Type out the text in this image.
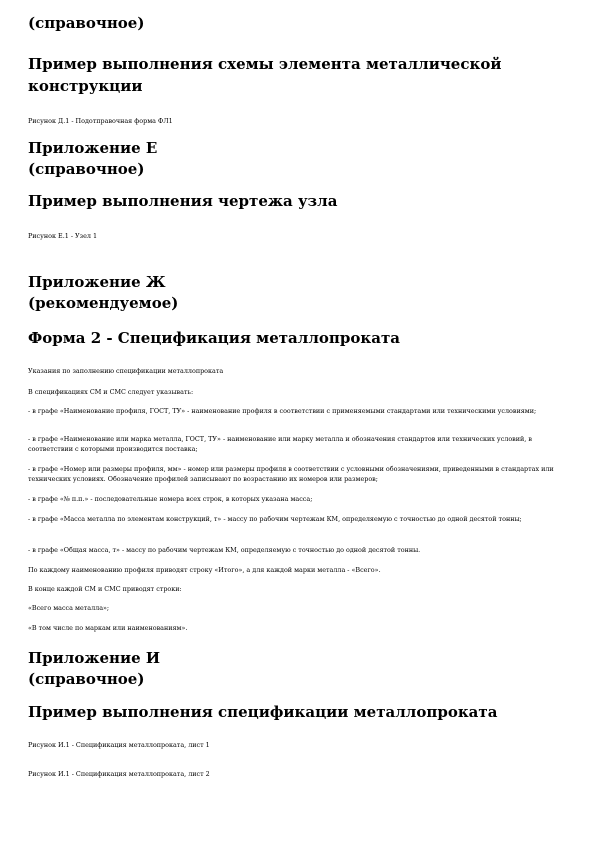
(справочное)
Пример выполнения схемы элемента металлической
конструкции
Рисунок Д.1 - Подотправочная форма ФЛ1
Приложение Е
(справочное)
Пример выполнения чертежа узла
Рисунок Е.1 - Узел 1
Приложение Ж
(рекомендуемое)
Форма 2 - Спецификация металлопроката
Указания по заполнению спецификации металлопроката
В спецификациях СМ и СМС следует указывать:
- в графе «Наименование профиля, ГОСТ, ТУ» - наименование профиля в соответствии с применяемыми стандартами или техническими условиями;
- в графе «Наименование или марка металла, ГОСТ, ТУ» - наименование или марку металла и обозначения стандартов или технических условий, в соответствии с которыми производится поставка;
- в графе «Номер или размеры профиля, мм» - номер или размеры профиля в соответствии с условными обозначениями, приведенными в стандартах или технических условиях. Обозначение профилей записывают по возрастанию их номеров или размеров;
- в графе «№ п.п.» - последовательные номера всех строк, в которых указана масса;
- в графе «Масса металла по элементам конструкций, т» - массу по рабочим чертежам КМ, определяемую с точностью до одной десятой тонны;
- в графе «Общая масса, т» - массу по рабочим чертежам КМ, определяемую с точностью до одной десятой тонны.
По каждому наименованию профиля приводят строку «Итого», а для каждой марки металла - «Всего».
В конце каждой СМ и СМС приводят строки:
«Всего масса металла»;
«В том числе по маркам или наименованиям».
Приложение И
(справочное)
Пример выполнения спецификации металлопроката
Рисунок И.1 - Спецификация металлопроката, лист 1
Рисунок И.1 - Спецификация металлопроката, лист 2
